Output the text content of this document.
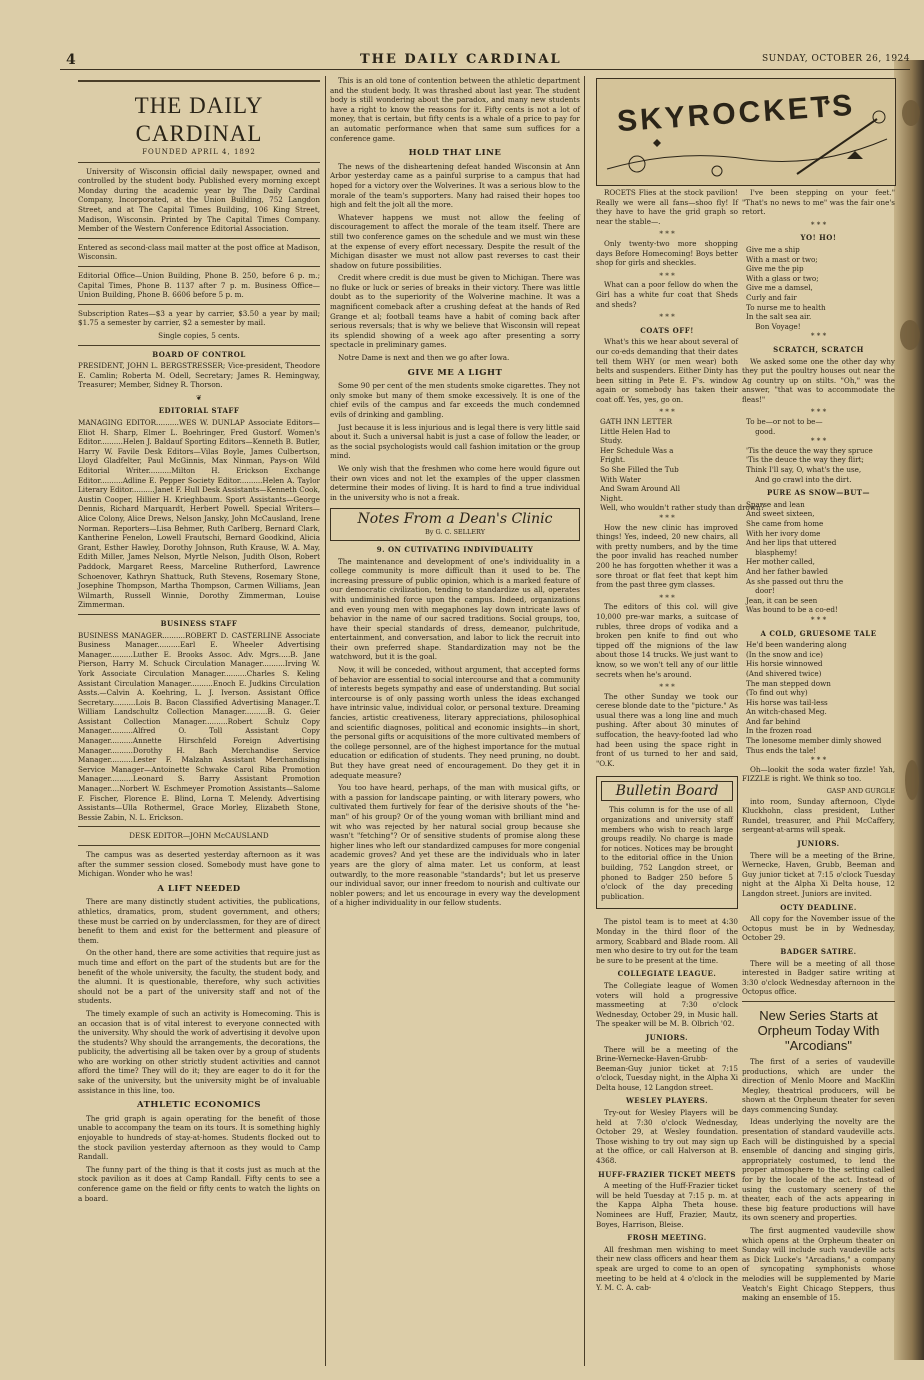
4	THE DAILY CARDINAL	SUNDAY, OCTOBER 26, 1924
THE DAILY CARDINAL
FOUNDED APRIL 4, 1892

University of Wisconsin official daily newspaper, owned and controlled by the student body. Published every morning except Monday during the academic year by The Daily Cardinal Company, Incorporated, at the Union Building, 752 Langdon Street, and at The Capital Times Building, 106 King Street, Madison, Wisconsin. Printed by The Capital Times Company. Member of the Western Conference Editorial Association.

Entered as second-class mail matter at the post office at Madison, Wisconsin.

Editorial Office—Union Building, Phone B. 250, before 6 p. m.; Capital Times, Phone B. 1137 after 7 p. m. Business Office—Union Building, Phone B. 6606 before 5 p. m.

Subscription Rates—$3 a year by carrier, $3.50 a year by mail; $1.75 a semester by carrier, $2 a semester by mail.

Single copies, 5 cents.
BOARD OF CONTROL

PRESIDENT, JOHN L. BERGSTRESSER; Vice-president, Theodore E. Camlin; Roberta M. Odell, Secretary; James R. Hemingway, Treasurer; Member, Sidney R. Thorson.

❦
EDITORIAL STAFF

MANAGING EDITOR..........WES W. DUNLAP Associate Editors—Eliot H. Sharp, Elmer L. Boehringer, Fred Gustorf. Women's Editor..........Helen J. Baldauf Sporting Editors—Kenneth B. Butler, Harry W. Favile Desk Editors—Vilas Boyle, James Culbertson, Lloyd Gladfelter, Paul McGinnis, Max Ninman, Pays-on Wild Editorial Writer..........Milton H. Erickson Exchange Editor..........Adline E. Pepper Society Editor..........Helen A. Taylor Literary Editor..........Janet F. Hull Desk Assistants—Kenneth Cook, Austin Cooper, Hillier H. Krieghbaum. Sport Assistants—George Dennis, Richard Marquardt, Herbert Powell. Special Writers—Alice Colony, Alice Drews, Nelson Jansky, John McCausland, Irene Norman. Reporters—Lisa Behmer, Ruth Carlberg, Bernard Clark, Kantherine Fenelon, Lowell Frautschi, Bernard Goodkind, Alicia Grant, Esther Hawley, Dorothy Johnson, Ruth Krause, W. A. May, Edith Miller, James Nelson, Myrtle Nelson, Judith Olson, Robert Paddock, Margaret Reess, Marceline Rutherford, Lawrence Schoenover, Kathryn Shattuck, Ruth Stevens, Rosemary Stone, Josephine Thompson, Martha Thompson, Carmen Williams, Jean Wilmarth, Russell Winnie, Dorothy Zimmerman, Louise Zimmerman.

BUSINESS STAFF

BUSINESS MANAGER..........ROBERT D. CASTERLINE Associate Business Manager..........Earl E. Wheeler Advertising Manager..........Luther E. Brooks Assoc. Adv. Mgrs.....B. Jane Pierson, Harry M. Schuck Circulation Manager..........Irving W. York Associate Circulation Manager..........Charles S. Keling Assistant Circulation Manager..........Enoch E. Judkins Circulation Assts.—Calvin A. Koehring, L. J. Iverson. Assistant Office Secretary..........Lois B. Bacon Classified Advertising Manager..T. William Landschultz Collection Manager..........B. G. Geier Assistant Collection Manager..........Robert Schulz Copy Manager..........Alfred O. Toll Assistant Copy Manager..........Annette Hirschfeld Foreign Advertising Manager..........Dorothy H. Bach Merchandise Service Manager..........Lester F. Malzahn Assistant Merchandising Service Manager—Antoinette Schwake Carol Riba Promotion Manager..........Leonard S. Barry Assistant Promotion Manager....Norbert W. Eschmeyer Promotion Assistants—Salome F. Fischer, Florence E. Blind, Lorna T. Melendy. Advertising Assistants—Ulla Rothermel, Grace Morley, Elizabeth Stone, Bessie Zabin, N. L. Erickson.

DESK EDITOR—JOHN McCAUSLAND

The campus was as deserted yesterday afternoon as it was after the summer session closed. Somebody must have gone to Michigan. Wonder who he was!

A LIFT NEEDED

There are many distinctly student activities, the publications, athletics, dramatics, prom, student government, and others; these must be carried on by underclassmen, for they are of direct benefit to them and exist for the betterment and pleasure of them.

On the other hand, there are some activities that require just as much time and effort on the part of the students but are for the benefit of the whole university, the faculty, the student body, and the alumni. It is questionable, therefore, why such activities should not be a part of the university staff and not of the students.

The timely example of such an activity is Homecoming. This is an occasion that is of vital interest to everyone connected with the university. Why should the work of advertising it devolve upon the students? Why should the arrangements, the decorations, the publicity, the advertising all be taken over by a group of students who are working on other strictly student activities and cannot afford the time? They will do it; they are eager to do it for the sake of the university, but the university might be of invaluable assistance in this line, too.

ATHLETIC ECONOMICS

The grid graph is again operating for the benefit of those unable to accompany the team on its tours. It is something highly enjoyable to hundreds of stay-at-homes. Students flocked out to the stock pavilion yesterday afternoon as they would to Camp Randall.

The funny part of the thing is that it costs just as much at the stock pavilion as it does at Camp Randall. Fifty cents to see a conference game on the field or fifty cents to watch the lights on a board.

This is an old tone of contention between the athletic department and the student body. It was thrashed about last year. The student body is still wondering about the paradox, and many new students have a right to know the reasons for it. Fifty cents is not a lot of money, that is certain, but fifty cents is a whale of a price to pay for an automatic performance when that same sum suffices for a conference game.

HOLD THAT LINE

The news of the disheartening defeat handed Wisconsin at Ann Arbor yesterday came as a painful surprise to a campus that had hoped for a victory over the Wolverines. It was a serious blow to the morale of the team's supporters. Many had raised their hopes too high and felt the jolt all the more.

Whatever happens we must not allow the feeling of discouragement to affect the morale of the team itself. There are still two conference games on the schedule and we must win these at the expense of every effort necessary. Despite the result of the Michigan disaster we must not allow past reverses to cast their shadow on future possibilities.

Credit where credit is due must be given to Michigan. There was no fluke or luck or series of breaks in their victory. There was little doubt as to the superiority of the Wolverine machine. It was a magnificent comeback after a crushing defeat at the hands of Red Grange et al; football teams have a habit of coming back after serious reversals; that is why we believe that Wisconsin will repeat its splendid showing of a week ago after presenting a sorry spectacle in preliminary games.

Notre Dame is next and then we go after Iowa.

GIVE ME A LIGHT

Some 90 per cent of the men students smoke cigarettes. They not only smoke but many of them smoke excessively. It is one of the chief evils of the campus and far exceeds the much condemned evils of drinking and gambling.

Just because it is less injurious and is legal there is very little said about it. Such a universal habit is just a case of follow the leader, or as the social psychologists would call fashion imitation or the group mind.

We only wish that the freshmen who come here would figure out their own vices and not let the examples of the upper classmen determine their modes of living. It is hard to find a true individual in the university who is not a freak.

Notes From a Dean's Clinic
By G. C. SELLERY
9. ON CUTIVATING INDIVIDUALITY

The maintenance and development of one's individuality in a college community is more difficult than it used to be. The increasing pressure of public opinion, which is a marked feature of our democratic civilization, tending to standardize us all, operates with undiminished force upon the campus. Indeed, organizations and even young men with megaphones lay down intricate laws of behavior in the name of our sacred traditions. Social groups, too, have their special standards of dress, demeanor, pulchritude, entertainment, and conversation, and labor to lick the recruit into their own preferred shape. Standardization may not be the watchword, but it is the goal.

Now, it will be conceded, without argument, that accepted forms of behavior are essential to social intercourse and that a community of interests begets sympathy and ease of understanding. But social intercourse is of only passing worth unless the ideas exchanged have intrinsic value, individual color, or personal texture. Dreaming fancies, artistic creativeness, literary appreciations, philosophical and scientific diagnoses, political and economic insights—in short, the personal gifts or acquisitions of the more cultivated members of the college personnel, are of the highest importance for the mutual education or edification of students. They need pruning, no doubt. But they have great need of encouragement. Do they get it in adequate measure?

You too have heard, perhaps, of the man with musical gifts, or with a passion for landscape painting, or with literary powers, who cultivated them furtively for fear of the derisive shouts of the "he-man" of his group? Or of the young woman with brilliant mind and wit who was rejected by her natural social group because she wasn't "fetching"? Or of sensitive students of promise along these higher lines who left our standardized campuses for more congenial academic groves? And yet these are the individuals who in later years are the glory of alma mater. Let us conform, at least outwardly, to the more reasonable "standards"; but let us preserve our individual savor, our inner freedom to nourish and cultivate our nobler powers; and let us encourage in every way the development of a higher individuality in our fellow students.

SKYROCKETS

ROCETS Flies at the stock pavilion! Really we were all fans—shoo fly! If they have to have the grid graph so near the stable—.

* * *

Only twenty-two more shopping days Before Homecoming! Boys better shop for girls and sheckles.

* * *

What can a poor fellow do when the Girl has a white fur coat that Sheds and sheds?

* * *
COATS OFF!

What's this we hear about several of our co-eds demanding that their dates tell them WHY (or men wear) both belts and suspenders. Either Dinty has been sitting in Pete E. F's. window again or somebody has taken their coat off. Yes, yes, go on.

* * *
GATH INN LETTER
Little Helen Had to
Study.
Her Schedule Was a
Fright.
So She Filled the Tub
With Water
And Swam Around All
Night.
Well, who wouldn't rather study than drown?
* * *

How the new clinic has improved things! Yes, indeed, 20 new chairs, all with pretty numbers, and by the time the poor invalid has reached number 200 he has forgotten whether it was a sore throat or flat feet that kept him from the past three gym classes.

* * *

The editors of this col. will give 10,000 pre-war marks, a suitcase of rubles, three drops of vodika and a broken pen knife to find out who tipped off the mignions of the law about those 14 trucks. We just want to know, so we won't tell any of our little secrets when he's around.

* * *

The other Sunday we took our cerese blonde date to the "picture." As usual there was a long line and much pushing. After about 30 minutes of suffocation, the heavy-footed lad who had been using the space right in front of us turned to her and said, "O.K.

Bulletin Board

This column is for the use of all organizations and university staff members who wish to reach large groups readily. No charge is made for notices. Notices may be brought to the editorial office in the Union building, 752 Langdon street, or phoned to Badger 250 before 5 o'clock of the day preceding publication.

The pistol team is to meet at 4:30 Monday in the third floor of the armory, Scabbard and Blade room. All men who desire to try out for the team be sure to be present at the time.

COLLEGIATE LEAGUE.

The Collegiate league of Women voters will hold a progressive massmeeting at 7:30 o'clock Wednesday, October 29, in Music hall. The speaker will be M. B. Olbrich '02.

JUNIORS.

There will be a meeting of the Brine-Wernecke-Haven-Grubb-Beeman-Guy junior ticket at 7:15 o'clock, Tuesday night, in the Alpha Xi Delta house, 12 Langdon street.

WESLEY PLAYERS.

Try-out for Wesley Players will be held at 7:30 o'clock Wednesday, October 29, at Wesley foundation. Those wishing to try out may sign up at the office, or call Halverson at B. 4368.

HUFF-FRAZIER TICKET MEETS

A meeting of the Huff-Frazier ticket will be held Tuesday at 7:15 p. m. at the Kappa Alpha Theta house. Nominees are Huff, Frazier, Mautz, Boyes, Harrison, Bleise.

FROSH MEETING.

All freshman men wishing to meet their new class officers and hear them speak are urged to come to an open meeting to be held at 4 o'clock in the Y. M. C. A. cab-

I've been stepping on your feet." "That's no news to me" was the fair one's retort.

* * *
YO! HO!
Give me a ship
With a mast or two;
Give me the pip
With a glass or two;
Give me a damsel,
Curly and fair
To nurse me to health
In the salt sea air.
Bon Voyage!
* * *
SCRATCH, SCRATCH

We asked some one the other day why they put the poultry houses out near the Ag country up on stilts. "Oh," was the answer, "that was to accommodate the fleas!"

* * *
To be—or not to be—
good.
* * *
'Tis the deuce the way they spruce
'Tis the deuce the way they flirt;
Think I'll say, O, what's the use,
And go crawl into the dirt.
PURE AS SNOW—BUT—
Sparse and lean
And sweet sixteen,
She came from home
With her ivory dome
And her lips that uttered
blasphemy!
Her mother called,
And her father bawled
As she passed out thru the
door!
Jean, it can be seen
Was bound to be a co-ed!
* * *
A COLD, GRUESOME TALE
He'd been wandering along
(In the snow and ice)
His horsie winnowed
(And shivered twice)
The man stepped down
(To find out why)
His horse was tail-less
An witch-chased Meg.
And far behind
In the frozen road
The lonesome member dimly showed
Thus ends the tale!
* * *

Oh—lookit the soda water fizzle! Yah, FIZZLE is right. We think so too.

GASP AND GURGLE

into room, Sunday afternoon, Clyde Kluckhohn, class president, Luther Rundel, treasurer, and Phil McCaffery, sergeant-at-arms will speak.

JUNIORS.

There will be a meeting of the Brine, Wernecke, Haven, Grubb, Beeman and Guy junior ticket at 7:15 o'clock Tuesday night at the Alpha Xi Delta house, 12 Langdon street. Juniors are invited.

OCTY DEADLINE.

All copy for the November issue of the Octopus must be in by Wednesday, October 29.

BADGER SATIRE.

There will be a meeting of all those interested in Badger satire writing at 3:30 o'clock Wednesday afternoon in the Octopus office.

New Series Starts at Orpheum Today With "Arcodians"

The first of a series of vaudeville productions, which are under the direction of Menlo Moore and MacKlin Megley, theatrical producers, will be shown at the Orpheum theater for seven days commencing Sunday.

Ideas underlying the novelty are the presentation of standard vaudeville acts. Each will be distinguished by a special ensemble of dancing and singing girls, appropriately costumed, to lend the proper atmosphere to the setting called for by the locale of the act. Instead of using the customary scenery of the theater, each of the acts appearing in these big feature productions will have its own scenery and properties.

The first augmented vaudeville show which opens at the Orpheum theater on Sunday will include such vaudeville acts as Dick Lucke's "Arcadians," a company of syncopating symphonists whose melodies will be supplemented by Marie Veatch's Eight Chicago Steppers, thus making an ensemble of 15.
